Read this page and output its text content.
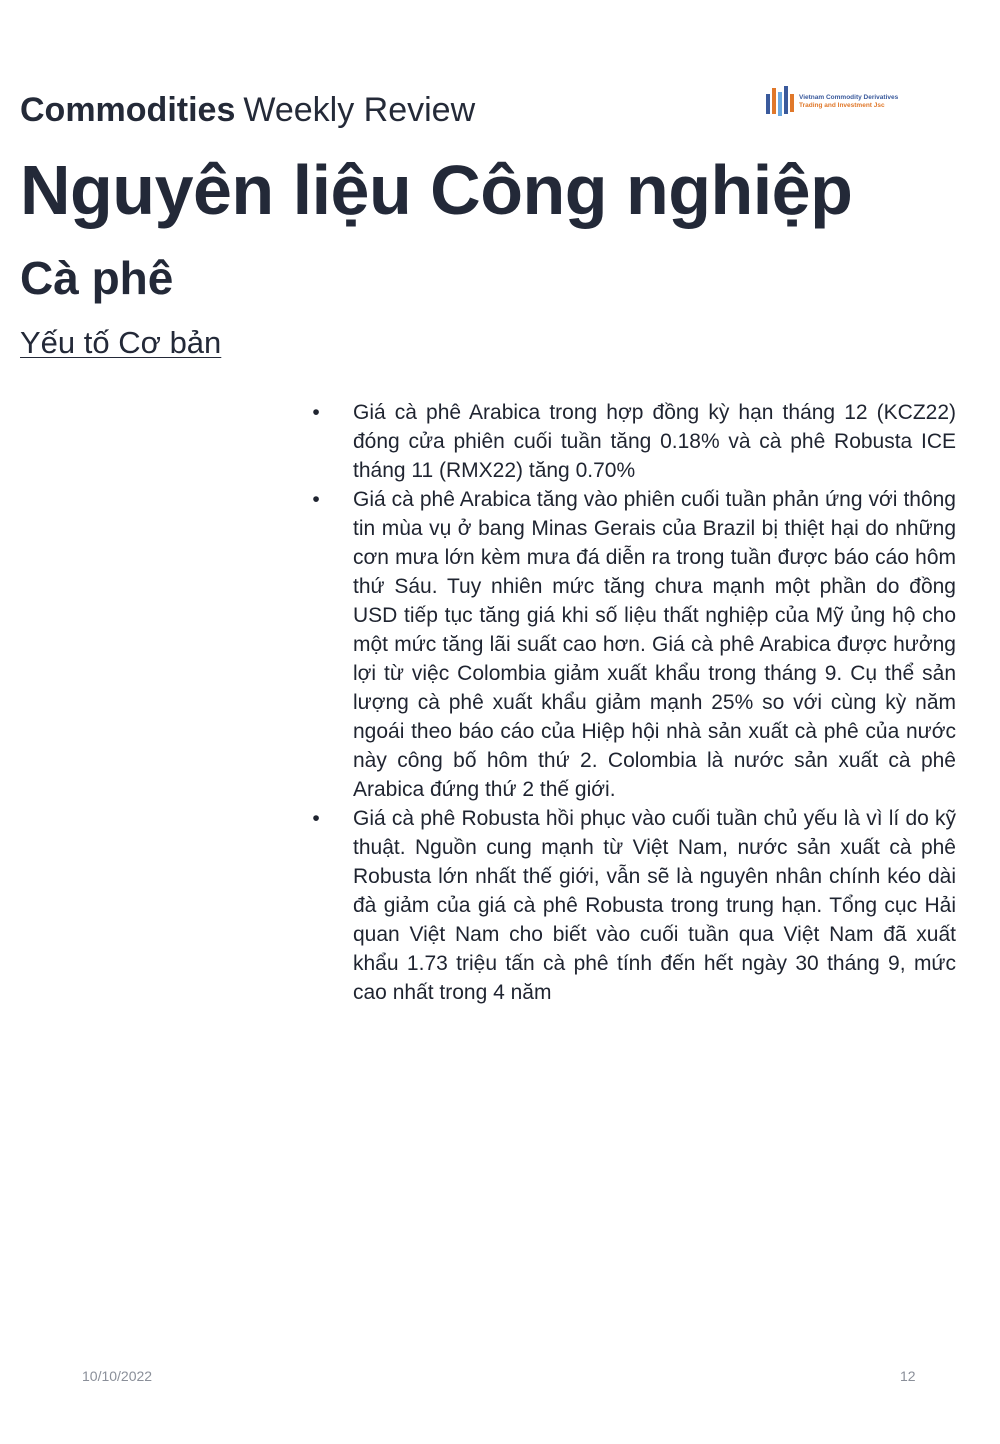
Commodities Weekly Review	Vietnam Commodity Derivatives
Trading and Investment Jsc
Nguyên liệu Công nghiệp
Cà phê
Yếu tố Cơ bản
• Giá cà phê Arabica trong hợp đồng kỳ hạn tháng 12 (KCZ22) đóng cửa phiên cuối tuần tăng 0.18% và cà phê Robusta ICE tháng 11 (RMX22) tăng 0.70%
• Giá cà phê Arabica tăng vào phiên cuối tuần phản ứng với thông tin mùa vụ ở bang Minas Gerais của Brazil bị thiệt hại do những cơn mưa lớn kèm mưa đá diễn ra trong tuần được báo cáo hôm thứ Sáu. Tuy nhiên mức tăng chưa mạnh một phần do đồng USD tiếp tục tăng giá khi số liệu thất nghiệp của Mỹ ủng hộ cho một mức tăng lãi suất cao hơn. Giá cà phê Arabica được hưởng lợi từ việc Colombia giảm xuất khẩu trong tháng 9. Cụ thể sản lượng cà phê xuất khẩu giảm mạnh 25% so với cùng kỳ năm ngoái theo báo cáo của Hiệp hội nhà sản xuất cà phê của nước này công bố hôm thứ 2. Colombia là nước sản xuất cà phê Arabica đứng thứ 2 thế giới.
• Giá cà phê Robusta hồi phục vào cuối tuần chủ yếu là vì lí do kỹ thuật. Nguồn cung mạnh từ Việt Nam, nước sản xuất cà phê Robusta lớn nhất thế giới, vẫn sẽ là nguyên nhân chính kéo dài đà giảm của giá cà phê Robusta trong trung hạn. Tổng cục Hải quan Việt Nam cho biết vào cuối tuần qua Việt Nam đã xuất khẩu 1.73 triệu tấn cà phê tính đến hết ngày 30 tháng 9, mức cao nhất trong 4 năm
10/10/2022	12
